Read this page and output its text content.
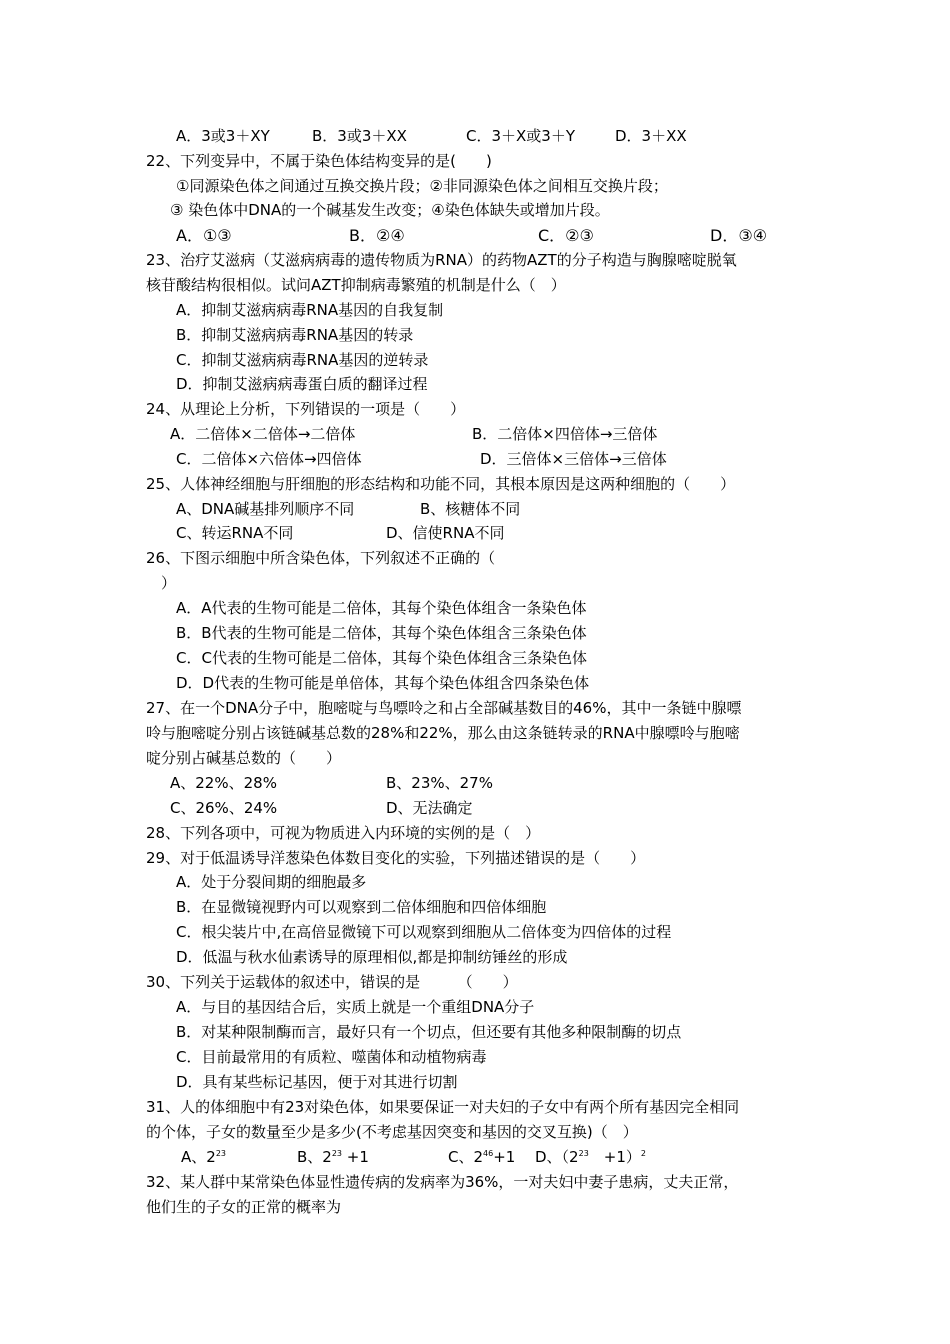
A．3或3＋XY	B．3或3＋XX	C．3＋X或3＋Y	D．3＋XX
22、下列变异中，不属于染色体结构变异的是(　　)
①同源染色体之间通过互换交换片段；②非同源染色体之间相互交换片段；
③ 染色体中DNA的一个碱基发生改变；④染色体缺失或增加片段。
A．①③	B．②④	C．②③	D．③④
23、治疗艾滋病（艾滋病病毒的遗传物质为RNA）的药物AZT的分子构造与胸腺嘧啶脱氧
核苷酸结构很相似。试问AZT抑制病毒繁殖的机制是什么（　）
A．抑制艾滋病病毒RNA基因的自我复制
B．抑制艾滋病病毒RNA基因的转录
C．抑制艾滋病病毒RNA基因的逆转录
D．抑制艾滋病病毒蛋白质的翻译过程
24、从理论上分析，下列错误的一项是（　　）
A．二倍体×二倍体→二倍体	B．二倍体×四倍体→三倍体
C．二倍体×六倍体→四倍体	D．三倍体×三倍体→三倍体
25、人体神经细胞与肝细胞的形态结构和功能不同，其根本原因是这两种细胞的（　　）
A、DNA碱基排列顺序不同	B、核糖体不同
C、转运RNA不同	D、信使RNA不同
26、下图示细胞中所含染色体，下列叙述不正确的（
）
A．A代表的生物可能是二倍体，其每个染色体组含一条染色体
B．B代表的生物可能是二倍体，其每个染色体组含三条染色体
C．C代表的生物可能是二倍体，其每个染色体组含三条染色体
D．D代表的生物可能是单倍体，其每个染色体组含四条染色体
27、在一个DNA分子中，胞嘧啶与鸟嘌呤之和占全部碱基数目的46%，其中一条链中腺嘌
呤与胞嘧啶分别占该链碱基总数的28%和22%，那么由这条链转录的RNA中腺嘌呤与胞嘧
啶分别占碱基总数的（　　）
A、22%、28%	B、23%、27%
C、26%、24%	D、无法确定
28、下列各项中，可视为物质进入内环境的实例的是（　）
29、对于低温诱导洋葱染色体数目变化的实验，下列描述错误的是（　　）
A．处于分裂间期的细胞最多
B．在显微镜视野内可以观察到二倍体细胞和四倍体细胞
C．根尖装片中,在高倍显微镜下可以观察到细胞从二倍体变为四倍体的过程
D．低温与秋水仙素诱导的原理相似,都是抑制纺锤丝的形成
30、下列关于运载体的叙述中，错误的是　　　（　　）
A．与目的基因结合后，实质上就是一个重组DNA分子
B．对某种限制酶而言，最好只有一个切点，但还要有其他多种限制酶的切点
C．目前最常用的有质粒、噬菌体和动植物病毒
D．具有某些标记基因，便于对其进行切割
31、人的体细胞中有23对染色体，如果要保证一对夫妇的子女中有两个所有基因完全相同
的个体，子女的数量至少是多少(不考虑基因突变和基因的交叉互换)（　）
A、$2^{23}$	B、$2^{23} +1$	C、$2^{46}+1$ D、（$2^{23}$　+1）$^2$
32、某人群中某常染色体显性遗传病的发病率为36%，一对夫妇中妻子患病，丈夫正常，
他们生的子女的正常的概率为
